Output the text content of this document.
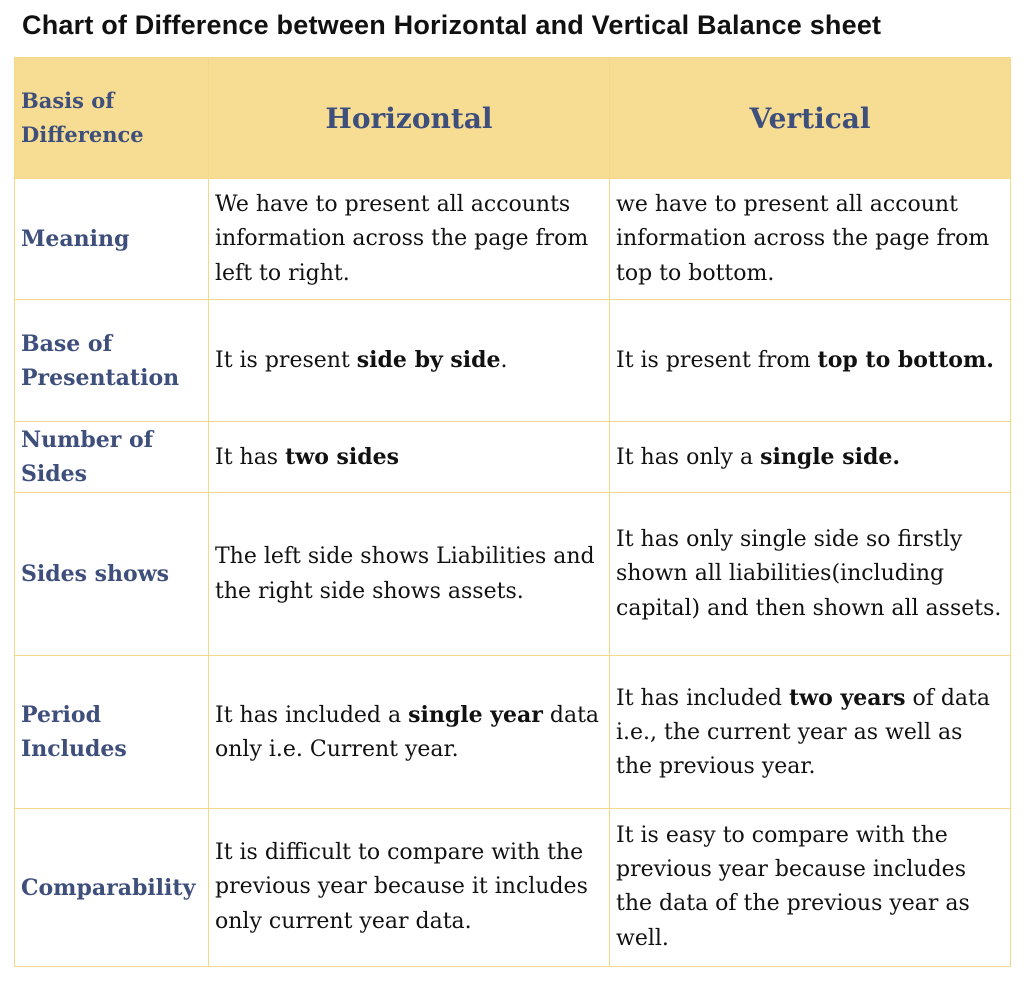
Chart of Difference between Horizontal and Vertical Balance sheet
Basis of Difference	Horizontal	Vertical
Meaning	We have to present all accounts information across the page from left to right.	we have to present all account information across the page from top to bottom.
Base of Presentation	It is present side by side.	It is present from top to bottom.
Number of Sides	It has two sides	It has only a single side.
Sides shows	The left side shows Liabilities and the right side shows assets.	It has only single side so firstly shown all liabilities(including capital) and then shown all assets.
Period Includes	It has included a single year data only i.e. Current year.	It has included two years of data i.e., the current year as well as the previous year.
Comparability	It is difficult to compare with the previous year because it includes only current year data.	It is easy to compare with the previous year because includes the data of the previous year as well.
